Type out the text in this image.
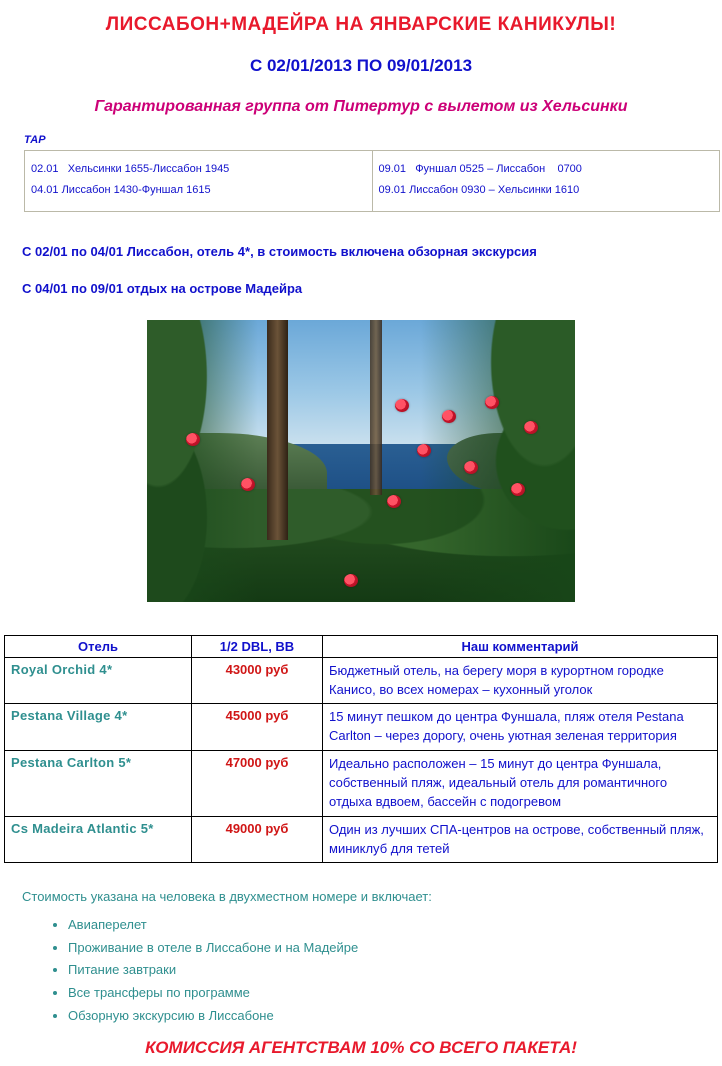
ЛИССАБОН+МАДЕЙРА НА ЯНВАРСКИЕ КАНИКУЛЫ!
С 02/01/2013 ПО 09/01/2013
Гарантированная группа от Питертур с вылетом из Хельсинки
ТАР
02.01   Хельсинки 1655-Лиссабон 1945
04.01 Лиссабон 1430-Фуншал 1615

09.01   Фуншал 0525 – Лиссабон    0700
09.01 Лиссабон 0930 – Хельсинки 1610
С 02/01 по 04/01 Лиссабон, отель 4*, в стоимость включена обзорная экскурсия
С 04/01 по 09/01 отдых на острове Мадейра
Отель	1/2 DBL, BB	Наш комментарий
Royal Orchid 4*	43000 руб	Бюджетный отель, на берегу моря в курортном городке Канисо, во всех номерах – кухонный уголок
Pestana Village 4*	45000 руб	15 минут пешком до центра Фуншала, пляж отеля Pestana Carlton – через дорогу, очень уютная зеленая территория
Pestana Carlton 5*	47000 руб	Идеально расположен – 15 минут до центра Фуншала, собственный пляж, идеальный отель для романтичного отдыха вдвоем, бассейн с подогревом
Cs Madeira Atlantic 5*	49000 руб	Один из лучших СПА-центров на острове, собственный пляж, миниклуб для тетей
Стоимость указана на человека в двухместном номере и включает:
• Авиаперелет
• Проживание в отеле в Лиссабоне и на Мадейре
• Питание завтраки
• Все трансферы по программе
• Обзорную экскурсию в Лиссабоне
КОМИССИЯ АГЕНТСТВАМ 10% СО ВСЕГО ПАКЕТА!
